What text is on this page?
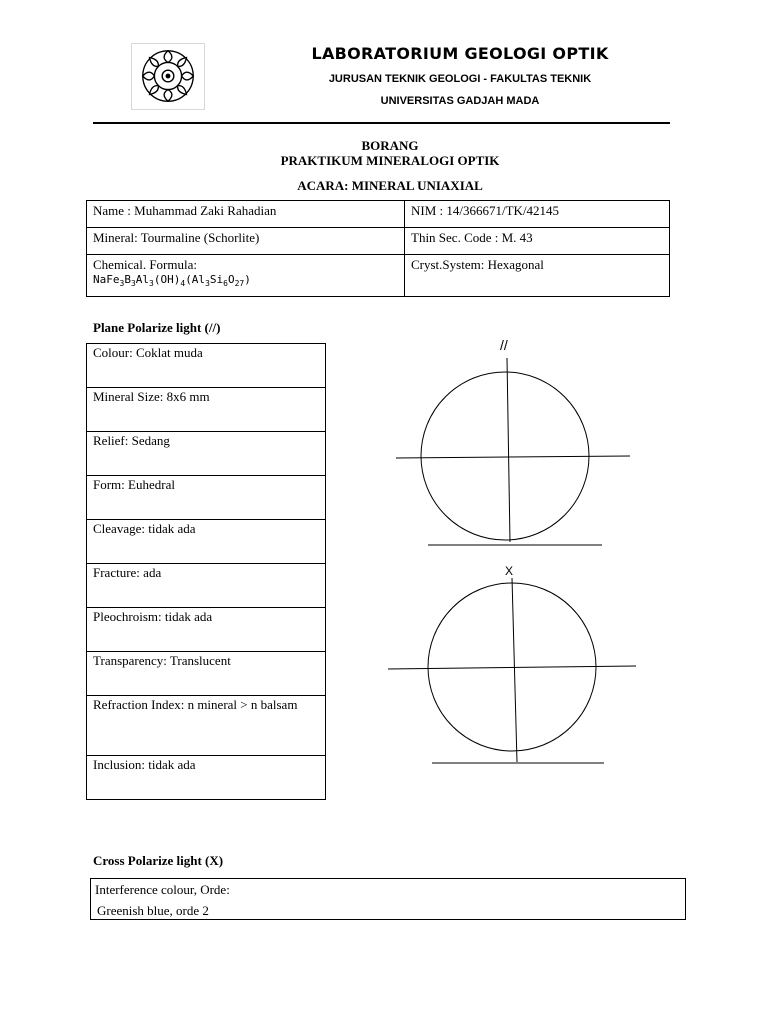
LABORATORIUM GEOLOGI OPTIK
JURUSAN TEKNIK GEOLOGI - FAKULTAS TEKNIK
UNIVERSITAS GADJAH MADA
BORANG
PRAKTIKUM MINERALOGI OPTIK
ACARA: MINERAL UNIAXIAL
Name : Muhammad Zaki Rahadian	NIM : 14/366671/TK/42145
Mineral: Tourmaline (Schorlite)	Thin Sec. Code : M. 43

Chemical. Formula:
$NaFe_3B_3Al_3(OH)_4(Al_3Si_6O_{27})$	Cryst.System: Hexagonal
Plane Polarize light (//)
Colour: Coklat muda
Mineral Size: 8x6 mm
Relief: Sedang
Form: Euhedral
Cleavage: tidak ada
Fracture: ada
Pleochroism: tidak ada
Transparency: Translucent
Refraction Index: n mineral > n balsam
Inclusion: tidak ada
//
X
Cross Polarize light (X)
Interference colour, Orde:
Greenish blue, orde 2
